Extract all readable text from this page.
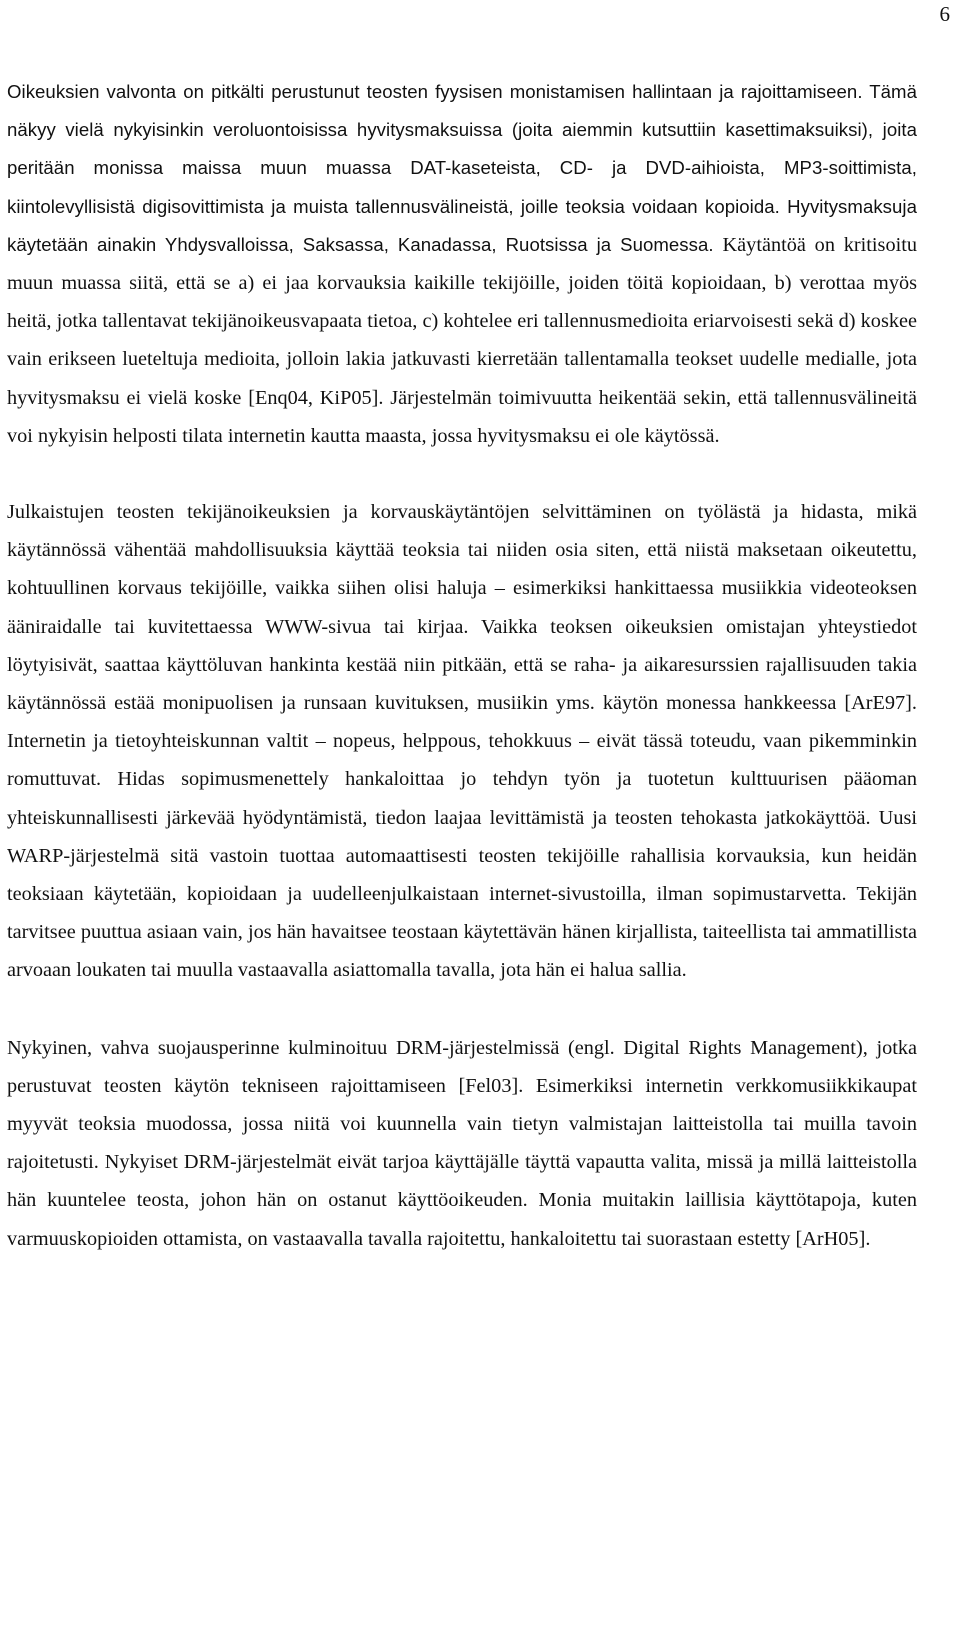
6

Oikeuksien valvonta on pitkälti perustunut teosten fyysisen monistamisen hallintaan ja rajoittamiseen. Tämä näkyy vielä nykyisinkin veroluontoisissa hyvitysmaksuissa (joita aiemmin kutsuttiin kasettimaksuiksi), joita peritään monissa maissa muun muassa DAT-kaseteista, CD- ja DVD-aihioista, MP3-soittimista, kiintolevyllisistä digisovittimista ja muista tallennusvälineistä, joille teoksia voidaan kopioida. Hyvitysmaksuja käytetään ainakin Yhdysvalloissa, Saksassa, Kanadassa, Ruotsissa ja Suomessa. Käytäntöä on kritisoitu muun muassa siitä, että se a) ei jaa korvauksia kaikille tekijöille, joiden töitä kopioidaan, b) verottaa myös heitä, jotka tallentavat tekijänoikeusvapaata tietoa, c) kohtelee eri tallennusmedioita eriarvoisesti sekä d) koskee vain erikseen lueteltuja medioita, jolloin lakia jatkuvasti kierretään tallentamalla teokset uudelle medialle, jota hyvitysmaksu ei vielä koske [Enq04, KiP05]. Järjestelmän toimivuutta heikentää sekin, että tallennusvälineitä voi nykyisin helposti tilata internetin kautta maasta, jossa hyvitysmaksu ei ole käytössä.

Julkaistujen teosten tekijänoikeuksien ja korvauskäytäntöjen selvittäminen on työlästä ja hidasta, mikä käytännössä vähentää mahdollisuuksia käyttää teoksia tai niiden osia siten, että niistä maksetaan oikeutettu, kohtuullinen korvaus tekijöille, vaikka siihen olisi haluja – esimerkiksi hankittaessa musiikkia videoteoksen ääniraidalle tai kuvitettaessa WWW-sivua tai kirjaa. Vaikka teoksen oikeuksien omistajan yhteystiedot löytyisivät, saattaa käyttöluvan hankinta kestää niin pitkään, että se raha- ja aikaresurssien rajallisuuden takia käytännössä estää monipuolisen ja runsaan kuvituksen, musiikin yms. käytön monessa hankkeessa [ArE97]. Internetin ja tietoyhteiskunnan valtit – nopeus, helppous, tehokkuus – eivät tässä toteudu, vaan pikemminkin romuttuvat. Hidas sopimusmenettely hankaloittaa jo tehdyn työn ja tuotetun kulttuurisen pääoman yhteiskunnallisesti järkevää hyödyntämistä, tiedon laajaa levittämistä ja teosten tehokasta jatkokäyttöä. Uusi WARP-järjestelmä sitä vastoin tuottaa automaattisesti teosten tekijöille rahallisia korvauksia, kun heidän teoksiaan käytetään, kopioidaan ja uudelleenjulkaistaan internet-sivustoilla, ilman sopimustarvetta. Tekijän tarvitsee puuttua asiaan vain, jos hän havaitsee teostaan käytettävän hänen kirjallista, taiteellista tai ammatillista arvoaan loukaten tai muulla vastaavalla asiattomalla tavalla, jota hän ei halua sallia.

Nykyinen, vahva suojausperinne kulminoituu DRM-järjestelmissä (engl. Digital Rights Management), jotka perustuvat teosten käytön tekniseen rajoittamiseen [Fel03]. Esimerkiksi internetin verkkomusiikkikaupat myyvät teoksia muodossa, jossa niitä voi kuunnella vain tietyn valmistajan laitteistolla tai muilla tavoin rajoitetusti. Nykyiset DRM-järjestelmät eivät tarjoa käyttäjälle täyttä vapautta valita, missä ja millä laitteistolla hän kuuntelee teosta, johon hän on ostanut käyttöoikeuden. Monia muitakin laillisia käyttötapoja, kuten varmuuskopioiden ottamista, on vastaavalla tavalla rajoitettu, hankaloitettu tai suorastaan estetty [ArH05].
